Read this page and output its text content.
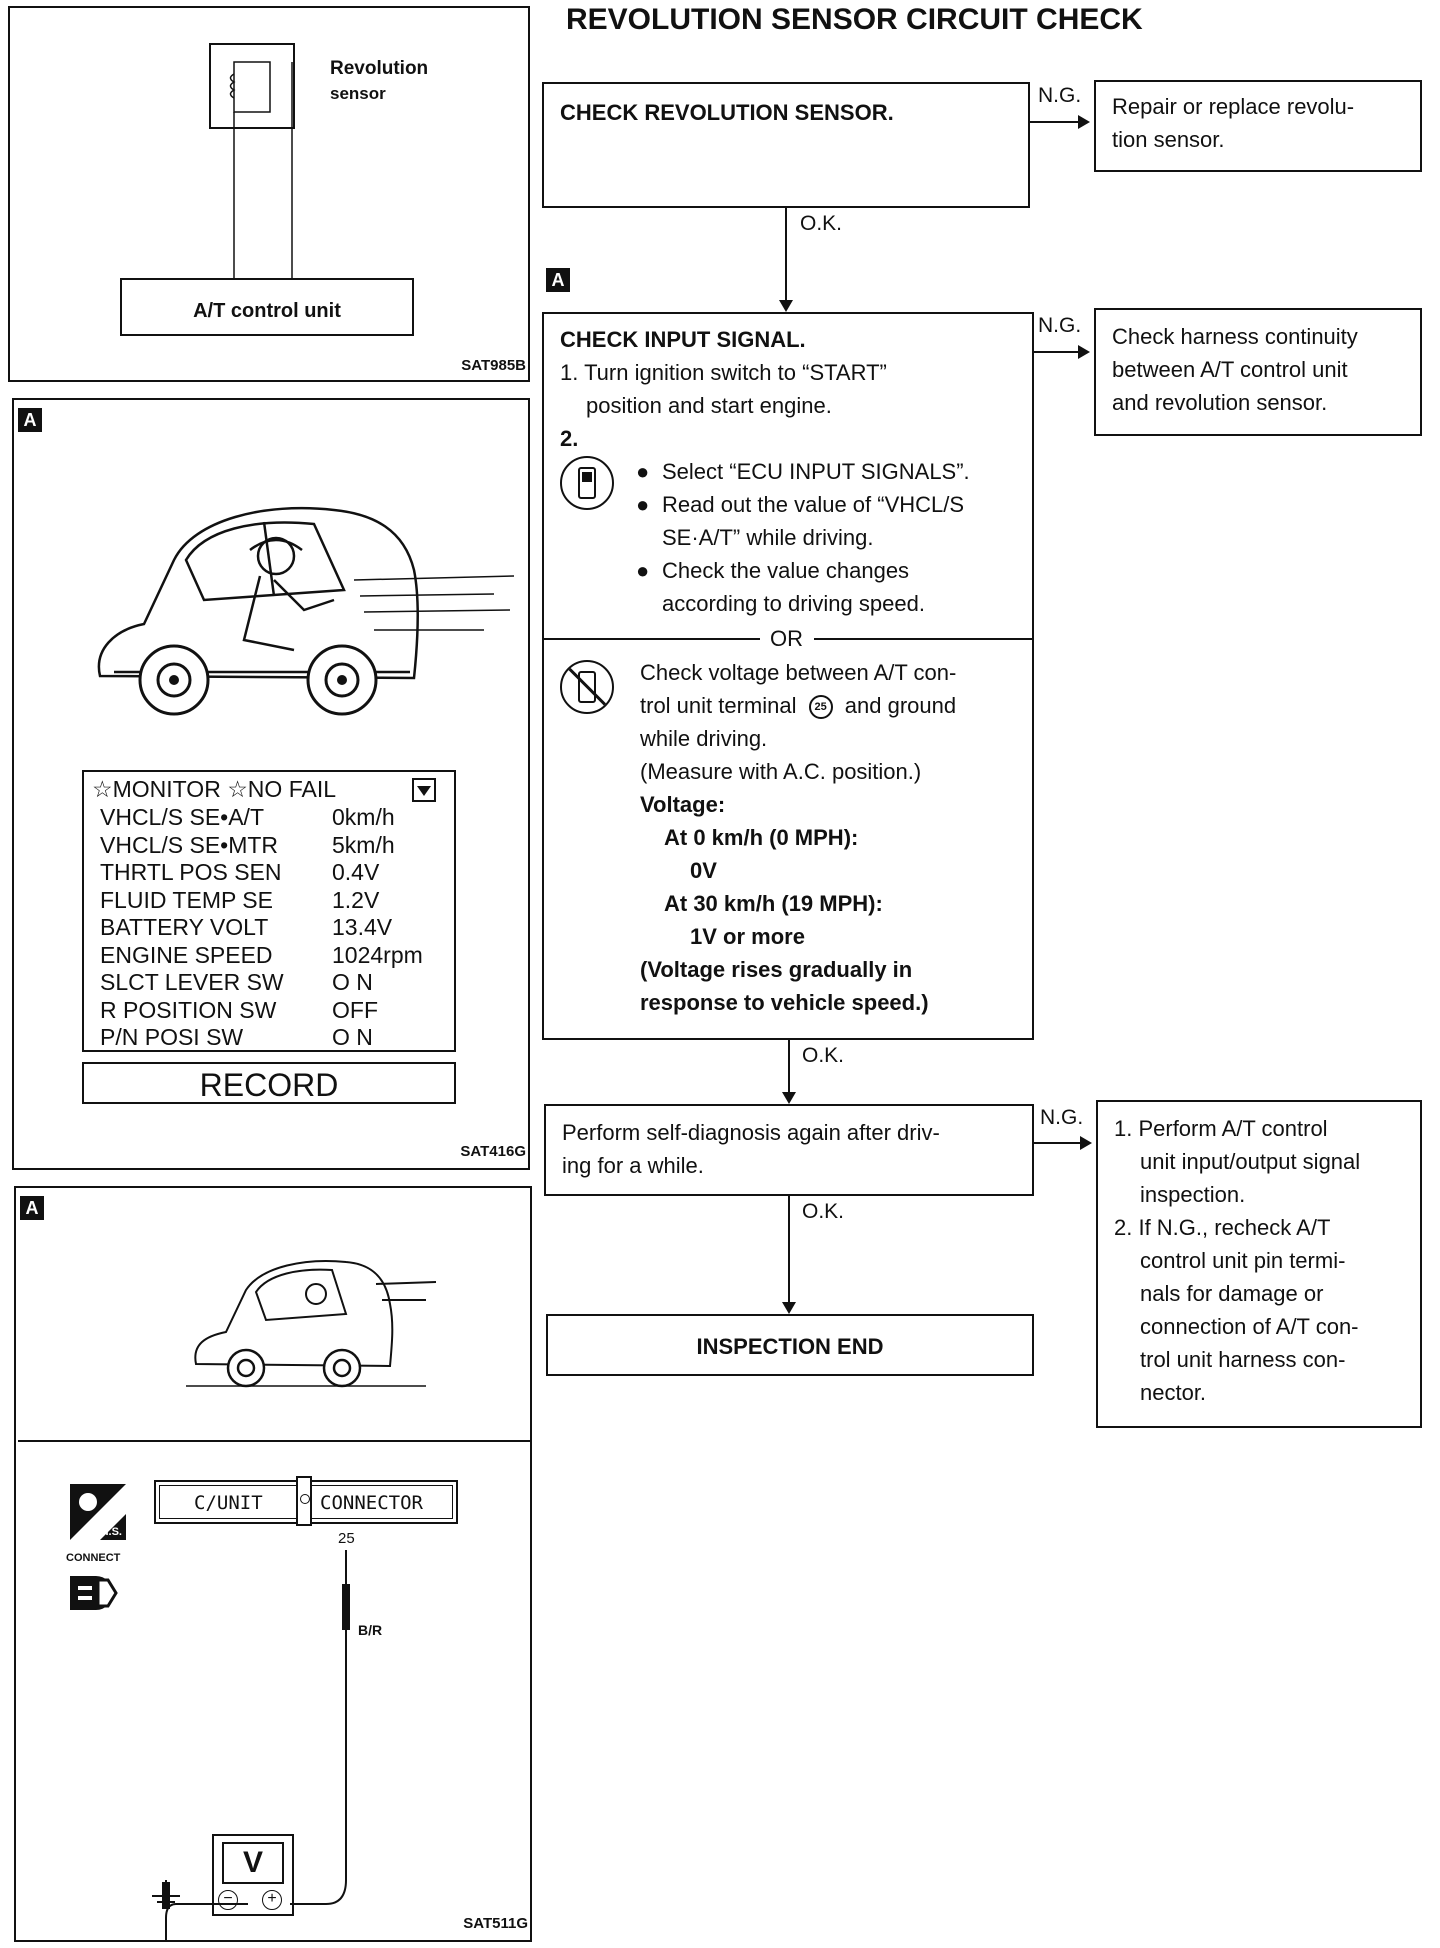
REVOLUTION SENSOR CIRCUIT CHECK
Revolution
sensor
A/T control unit
SAT985B
A
☆MONITOR ☆NO FAIL
VHCL/S SE•A/T	0km/h
VHCL/S SE•MTR	5km/h
THRTL POS SEN	0.4V
FLUID TEMP SE	1.2V
BATTERY VOLT	13.4V
ENGINE SPEED	1024rpm
SLCT LEVER SW	O N
R POSITION SW	OFF
P/N POSI SW	O N
RECORD
SAT416G
A
H.S.
CONNECT
C/UNIT	CONNECTOR
25
B/R
V
−	+
SAT511G
CHECK REVOLUTION SENSOR.
N.G. Repair or replace revolu-
tion sensor.
O.K.
A
CHECK INPUT SIGNAL.
1. Turn ignition switch to “START”
position and start engine.
2.
● Select “ECU INPUT SIGNALS”.
● Read out the value of “VHCL/S
SE·A/T” while driving.
● Check the value changes
according to driving speed.
OR
Check voltage between A/T con-
trol unit terminal 25 and ground
while driving.
(Measure with A.C. position.)
Voltage:
At 0 km/h (0 MPH):
0V
At 30 km/h (19 MPH):
1V or more
(Voltage rises gradually in
response to vehicle speed.)
N.G. Check harness continuity
between A/T control unit
and revolution sensor.
O.K.
Perform self-diagnosis again after driv-
ing for a while.
N.G. 1. Perform A/T control
unit input/output signal
inspection.
2. If N.G., recheck A/T
control unit pin termi-
nals for damage or
connection of A/T con-
trol unit harness con-
nector.
O.K.
INSPECTION END
